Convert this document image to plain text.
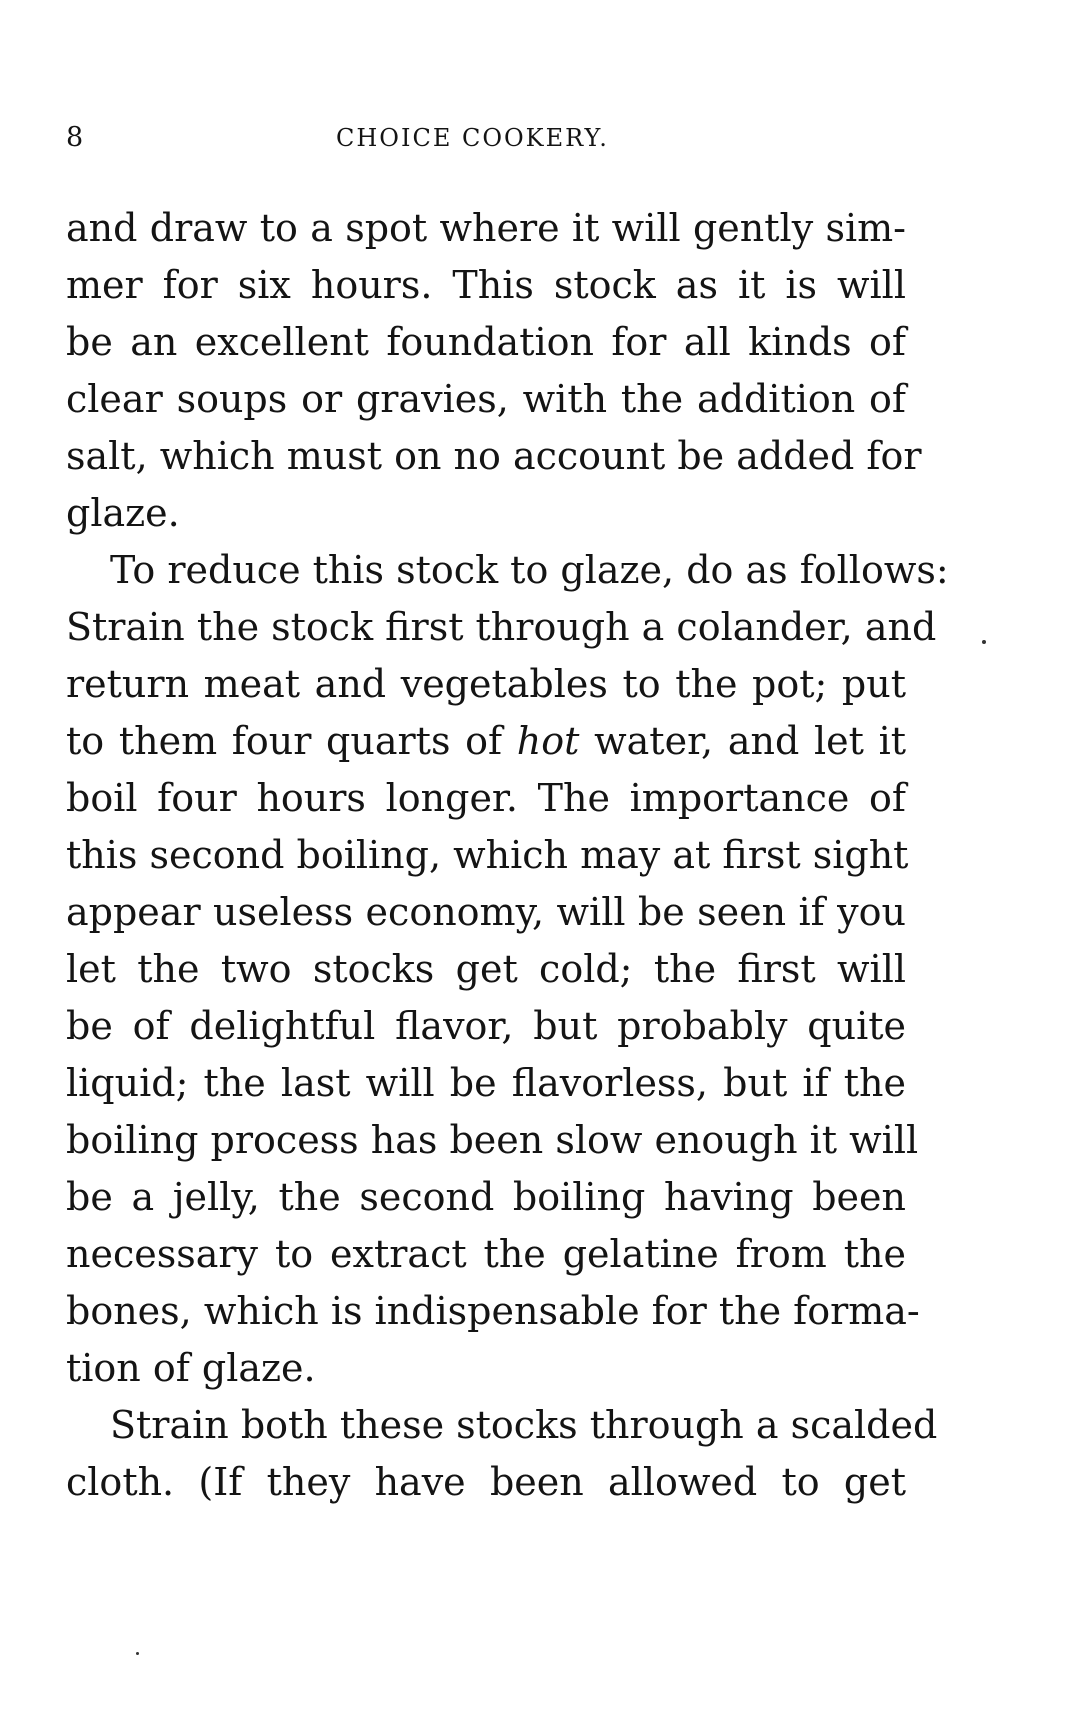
8	CHOICE COOKERY.
and draw to a spot where it will gently sim-
mer for six hours. This stock as it is will
be an excellent foundation for all kinds of
clear soups or gravies, with the addition of
salt, which must on no account be added for
glaze.
To reduce this stock to glaze, do as follows:
Strain the stock first through a colander, and
return meat and vegetables to the pot; put
to them four quarts of hot water, and let it
boil four hours longer. The importance of
this second boiling, which may at first sight
appear useless economy, will be seen if you
let the two stocks get cold; the first will
be of delightful flavor, but probably quite
liquid; the last will be flavorless, but if the
boiling process has been slow enough it will
be a jelly, the second boiling having been
necessary to extract the gelatine from the
bones, which is indispensable for the forma-
tion of glaze.
Strain both these stocks through a scalded
cloth. (If they have been allowed to get
